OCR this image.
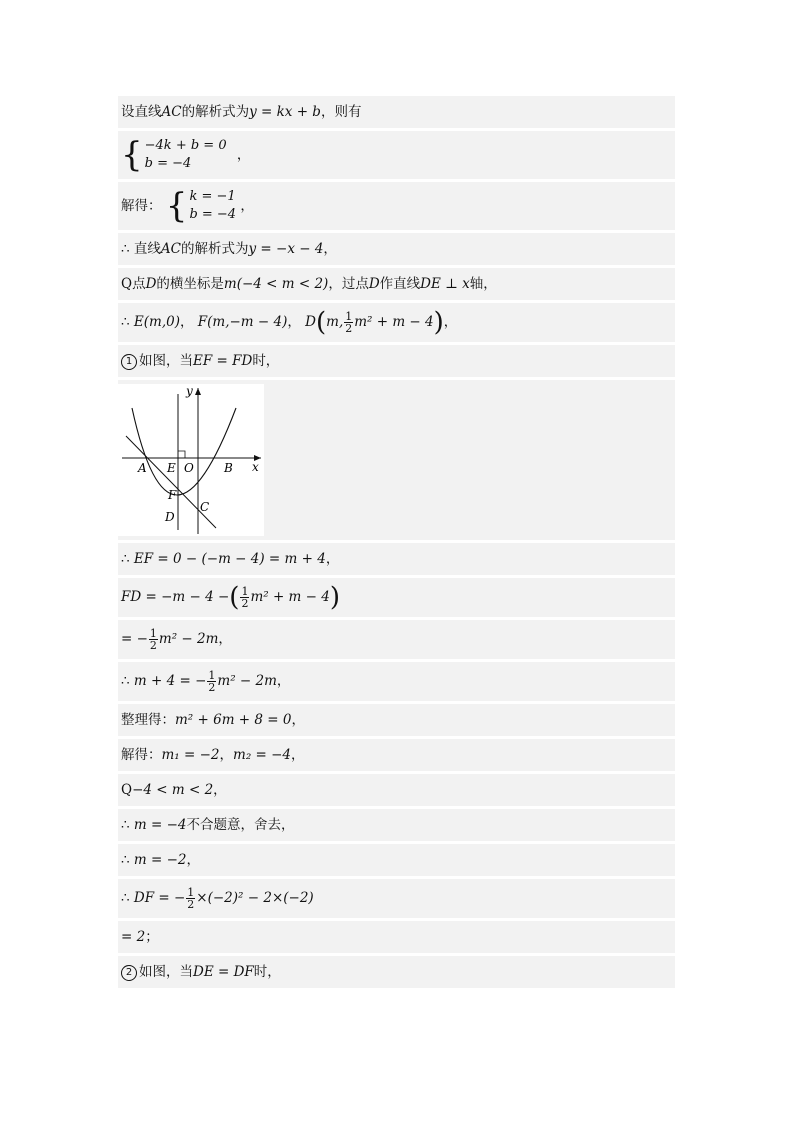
设直线AC的解析式为y = kx + b，则有
{ −4k + b = 0
b = −4
，
解得： { k = −1
b = −4
，
∴ 直线AC的解析式为y = −x − 4，
Q点D的横坐标是m(−4 < m < 2)，过点D作直线DE ⊥ x轴，
∴ E(m,0)， F(m,−m − 4)， D(m, $\frac{1}{2} m^2 + m - 4$)，
1 如图，当EF = FD时，
y
x
A E O	B
F
C
D
∴ EF = 0 − (−m − 4) = m + 4，
FD = −m − 4 −( $\frac{1}{2} m^2 + m - 4$)
= − $\frac{1}{2} m^2 - 2m$，
∴ m + 4 = − $\frac{1}{2} m^2 - 2m$，
整理得：m² + 6m + 8 = 0，
解得：m₁ = −2，m₂ = −4，
Q−4 < m < 2，
∴ m = −4不合题意，舍去，
∴ m = −2，
∴ DF = − $\frac{1}{2} \times(-2)^2 - 2\times(-2)$
= 2；
2 如图，当DE = DF时，
